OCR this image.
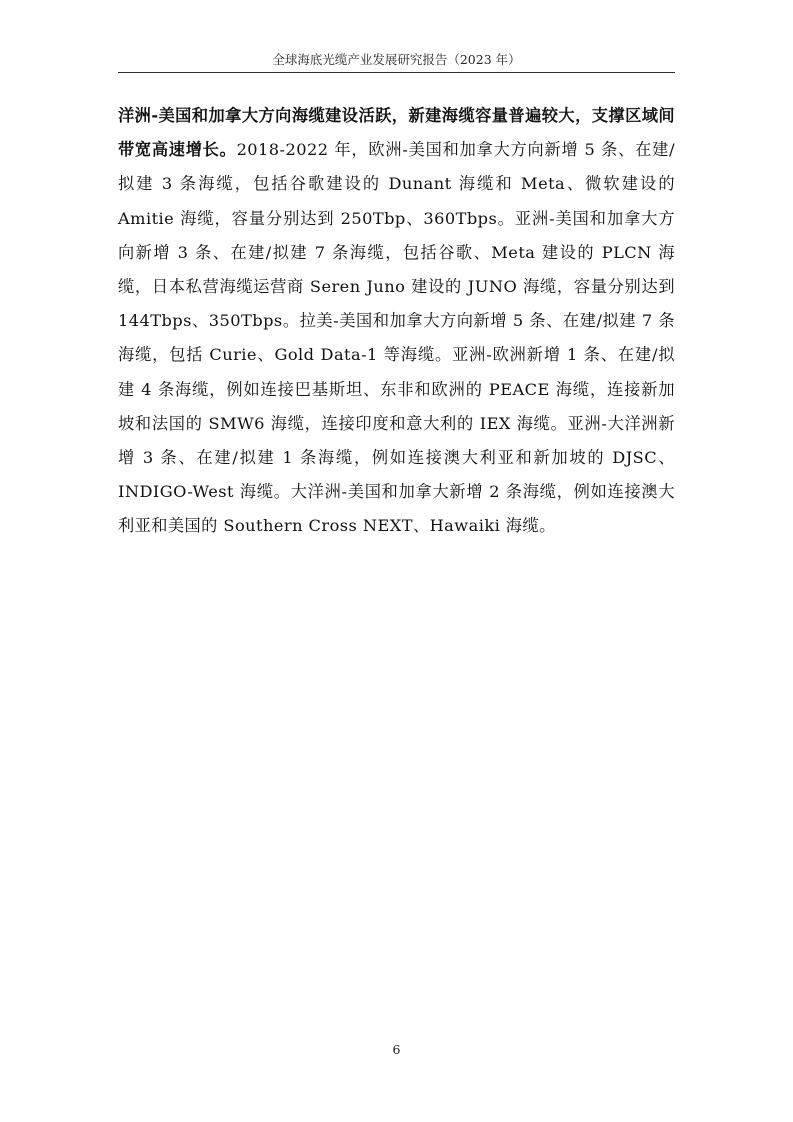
全球海底光缆产业发展研究报告（2023 年）

洋洲-美国和加拿大方向海缆建设活跃，新建海缆容量普遍较大，支撑区域间带宽高速增长。2018-2022 年，欧洲-美国和加拿大方向新增 5 条、在建/拟建 3 条海缆，包括谷歌建设的 Dunant 海缆和 Meta、微软建设的 Amitie 海缆，容量分别达到 250Tbp、360Tbps。亚洲-美国和加拿大方向新增 3 条、在建/拟建 7 条海缆，包括谷歌、Meta 建设的 PLCN 海缆，日本私营海缆运营商 Seren Juno 建设的 JUNO 海缆，容量分别达到 144Tbps、350Tbps。拉美-美国和加拿大方向新增 5 条、在建/拟建 7 条海缆，包括 Curie、Gold Data-1 等海缆。亚洲-欧洲新增 1 条、在建/拟建 4 条海缆，例如连接巴基斯坦、东非和欧洲的 PEACE 海缆，连接新加坡和法国的 SMW6 海缆，连接印度和意大利的 IEX 海缆。亚洲-大洋洲新增 3 条、在建/拟建 1 条海缆，例如连接澳大利亚和新加坡的 DJSC、INDIGO-West 海缆。大洋洲-美国和加拿大新增 2 条海缆，例如连接澳大利亚和美国的 Southern Cross NEXT、Hawaiki 海缆。

6
